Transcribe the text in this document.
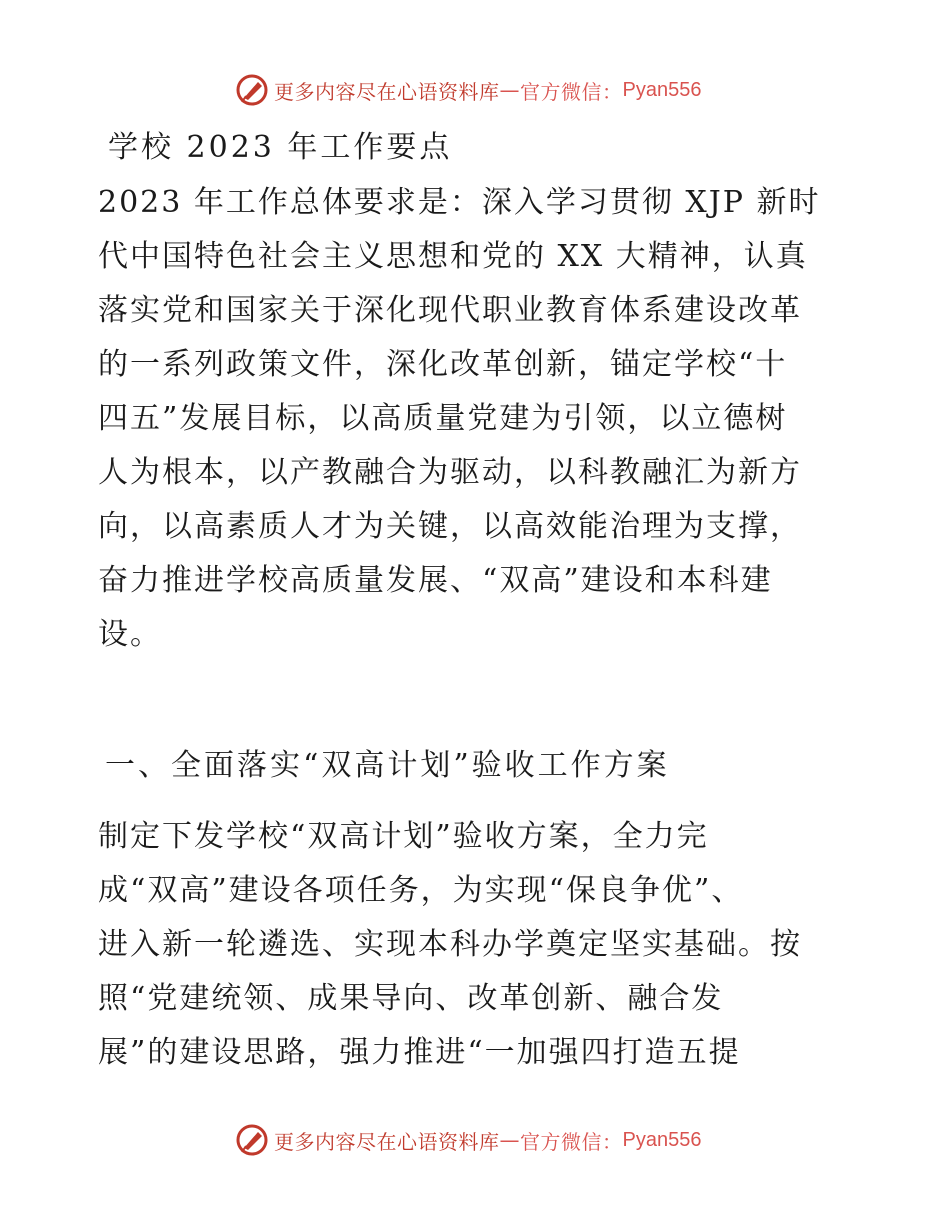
更多内容尽在心语资料库 — 官方微信： Pyan556
学校 2023 年工作要点

2023 年工作总体要求是：深入学习贯彻 XJP 新时
代中国特色社会主义思想和党的 XX 大精神，认真
落实党和国家关于深化现代职业教育体系建设改革
的一系列政策文件，深化改革创新，锚定学校“十
四五”发展目标，以高质量党建为引领，以立德树
人为根本，以产教融合为驱动，以科教融汇为新方
向，以高素质人才为关键，以高效能治理为支撑，
奋力推进学校高质量发展、“双高”建设和本科建
设。

一、全面落实“双高计划”验收工作方案

制定下发学校“双高计划”验收方案，全力完
成“双高”建设各项任务，为实现“保良争优”、
进入新一轮遴选、实现本科办学奠定坚实基础。按
照“党建统领、成果导向、改革创新、融合发
展”的建设思路，强力推进“一加强四打造五提

更多内容尽在心语资料库 — 官方微信： Pyan556
